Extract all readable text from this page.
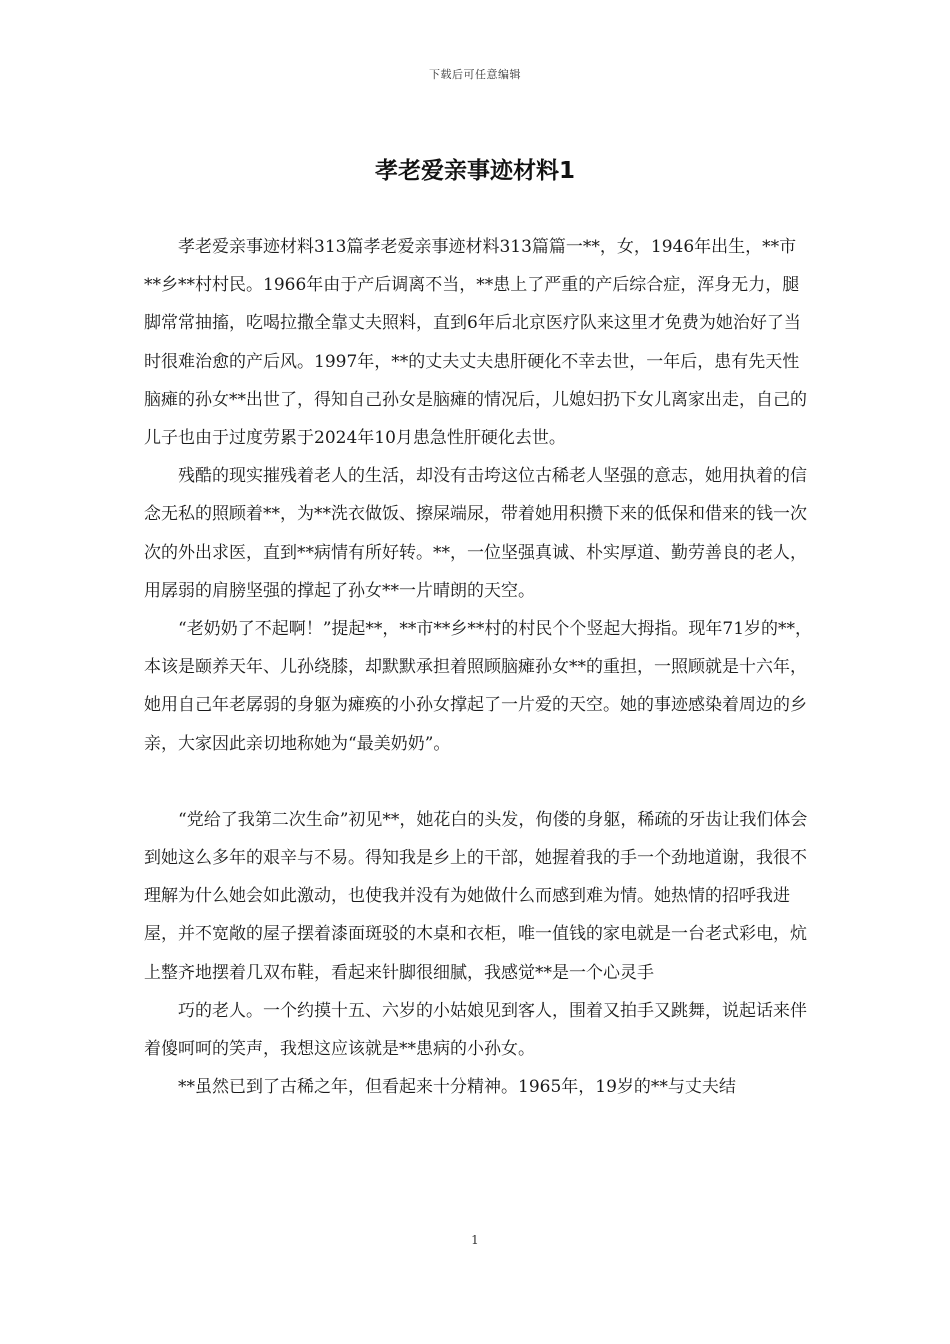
下载后可任意编辑
孝老爱亲事迹材料1

孝老爱亲事迹材料313篇孝老爱亲事迹材料313篇篇一**，女，1946年出生，**市**乡**村村民。1966年由于产后调离不当，**患上了严重的产后综合症，浑身无力，腿脚常常抽搐，吃喝拉撒全靠丈夫照料，直到6年后北京医疗队来这里才免费为她治好了当时很难治愈的产后风。1997年，**的丈夫丈夫患肝硬化不幸去世，一年后，患有先天性脑瘫的孙女**出世了，得知自己孙女是脑瘫的情况后，儿媳妇扔下女儿离家出走，自己的儿子也由于过度劳累于2024年10月患急性肝硬化去世。

残酷的现实摧残着老人的生活，却没有击垮这位古稀老人坚强的意志，她用执着的信念无私的照顾着**，为**洗衣做饭、擦屎端尿，带着她用积攒下来的低保和借来的钱一次次的外出求医，直到**病情有所好转。**，一位坚强真诚、朴实厚道、勤劳善良的老人，用孱弱的肩膀坚强的撑起了孙女**一片晴朗的天空。

“老奶奶了不起啊！”提起**，**市**乡**村的村民个个竖起大拇指。现年71岁的**，本该是颐养天年、儿孙绕膝，却默默承担着照顾脑瘫孙女**的重担，一照顾就是十六年，她用自己年老孱弱的身躯为瘫痪的小孙女撑起了一片爱的天空。她的事迹感染着周边的乡亲，大家因此亲切地称她为“最美奶奶”。

“党给了我第二次生命”初见**，她花白的头发，佝偻的身躯，稀疏的牙齿让我们体会到她这么多年的艰辛与不易。得知我是乡上的干部，她握着我的手一个劲地道谢，我很不理解为什么她会如此激动，也使我并没有为她做什么而感到难为情。她热情的招呼我进屋，并不宽敞的屋子摆着漆面斑驳的木桌和衣柜，唯一值钱的家电就是一台老式彩电，炕上整齐地摆着几双布鞋，看起来针脚很细腻，我感觉**是一个心灵手

巧的老人。一个约摸十五、六岁的小姑娘见到客人，围着又拍手又跳舞，说起话来伴着傻呵呵的笑声，我想这应该就是**患病的小孙女。

**虽然已到了古稀之年，但看起来十分精神。1965年，19岁的**与丈夫结

1
